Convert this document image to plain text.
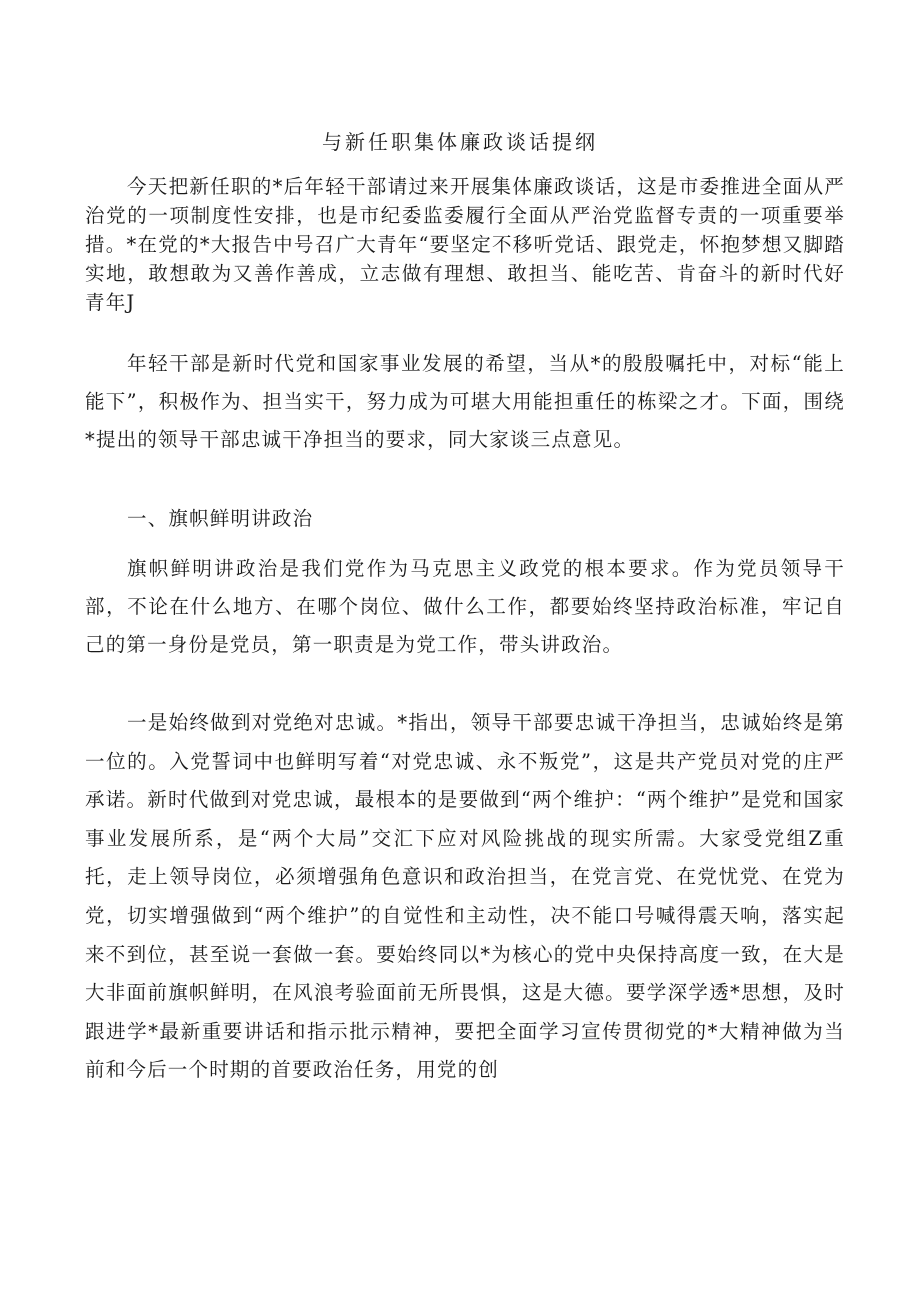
与新任职集体廉政谈话提纲

今天把新任职的*后年轻干部请过来开展集体廉政谈话，这是市委推进全面从严治党的一项制度性安排，也是市纪委监委履行全面从严治党监督专责的一项重要举措。*在党的*大报告中号召广大青年“要坚定不移听党话、跟党走，怀抱梦想又脚踏实地，敢想敢为又善作善成，立志做有理想、敢担当、能吃苦、肯奋斗的新时代好青年J

年轻干部是新时代党和国家事业发展的希望，当从*的殷殷嘱托中，对标“能上能下”，积极作为、担当实干，努力成为可堪大用能担重任的栋梁之才。下面，围绕*提出的领导干部忠诚干净担当的要求，同大家谈三点意见。

一、旗帜鲜明讲政治

旗帜鲜明讲政治是我们党作为马克思主义政党的根本要求。作为党员领导干部，不论在什么地方、在哪个岗位、做什么工作，都要始终坚持政治标准，牢记自己的第一身份是党员，第一职责是为党工作，带头讲政治。

一是始终做到对党绝对忠诚。*指出，领导干部要忠诚干净担当，忠诚始终是第一位的。入党誓词中也鲜明写着“对党忠诚、永不叛党”，这是共产党员对党的庄严承诺。新时代做到对党忠诚，最根本的是要做到“两个维护：“两个维护”是党和国家事业发展所系，是“两个大局”交汇下应对风险挑战的现实所需。大家受党组Z重托，走上领导岗位，必须增强角色意识和政治担当，在党言党、在党忧党、在党为党，切实增强做到“两个维护”的自觉性和主动性，决不能口号喊得震天响，落实起来不到位，甚至说一套做一套。要始终同以*为核心的党中央保持高度一致，在大是大非面前旗帜鲜明，在风浪考验面前无所畏惧，这是大德。要学深学透*思想，及时跟进学*最新重要讲话和指示批示精神，要把全面学习宣传贯彻党的*大精神做为当前和今后一个时期的首要政治任务，用党的创
